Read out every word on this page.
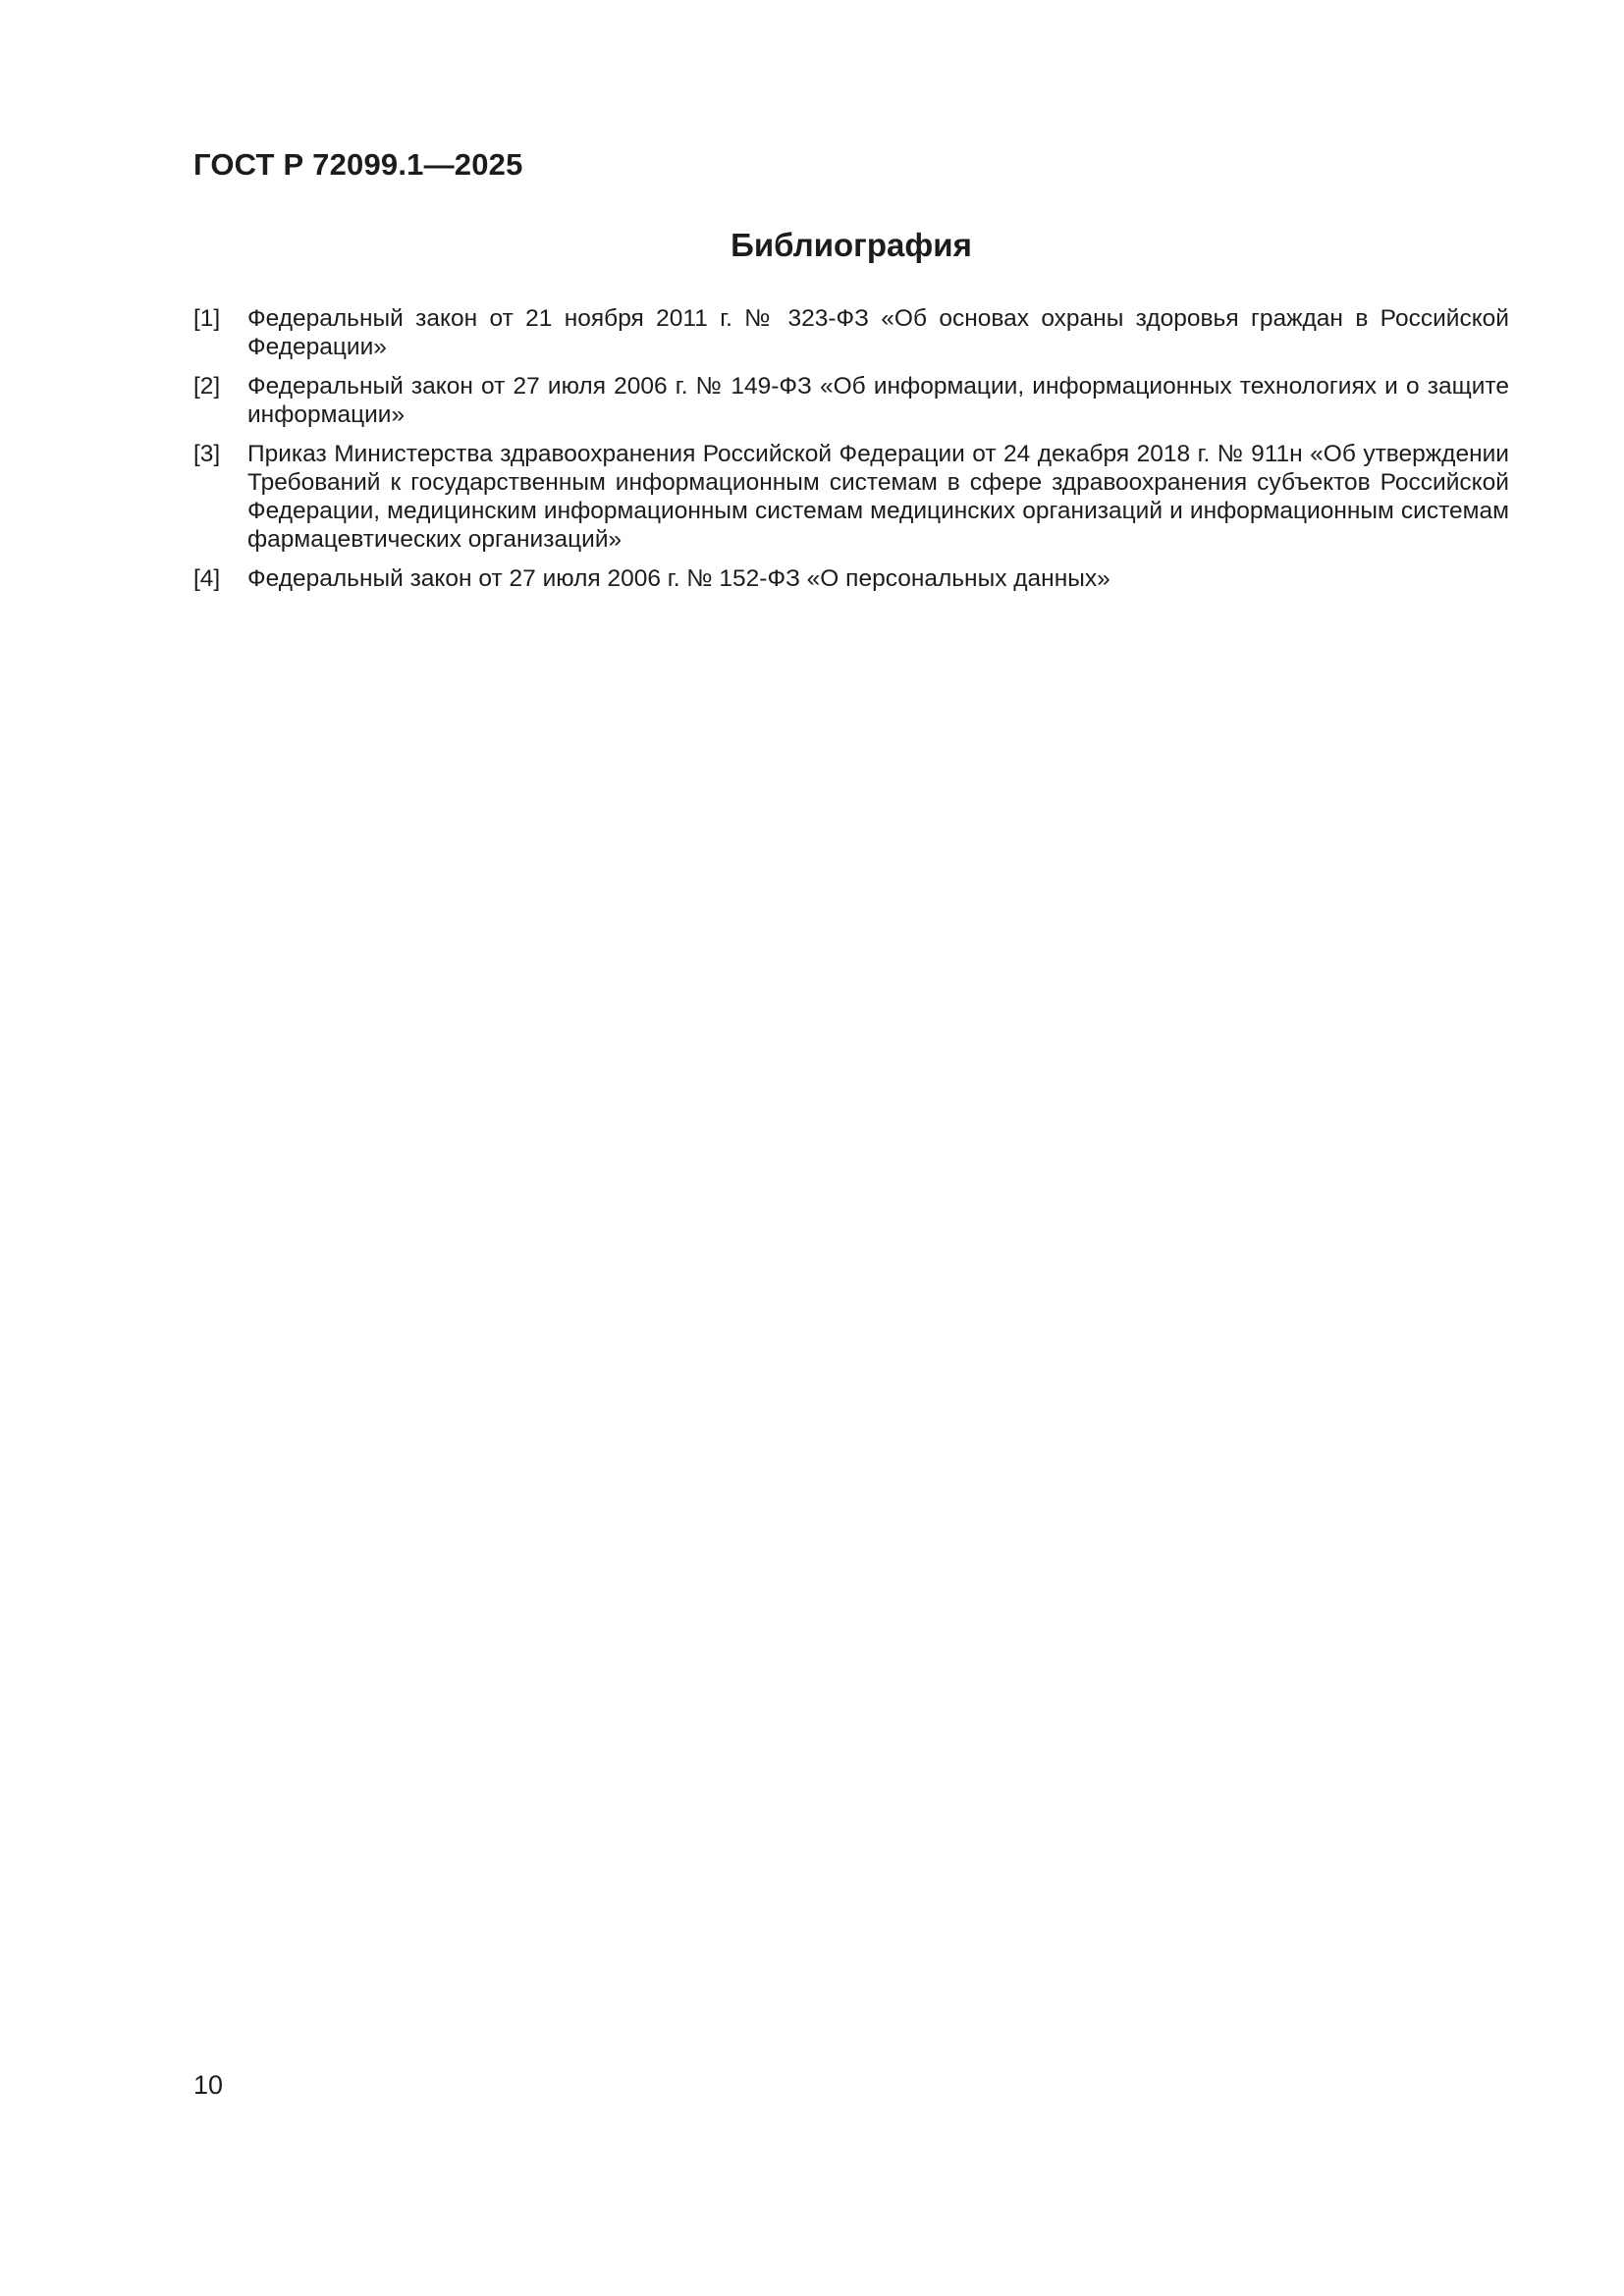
ГОСТ Р 72099.1—2025
Библиография
[1]	Федеральный закон от 21 ноября 2011 г. № 323-ФЗ «Об основах охраны здоровья граждан в Российской Федерации»
[2]	Федеральный закон от 27 июля 2006 г. № 149-ФЗ «Об информации, информационных технологиях и о защите информации»
[3]	Приказ Министерства здравоохранения Российской Федерации от 24 декабря 2018 г. № 911н «Об утверждении Требований к государственным информационным системам в сфере здравоохранения субъектов Российской Федерации, медицинским информационным системам медицинских организаций и информационным системам фармацевтических организаций»
[4]	Федеральный закон от 27 июля 2006 г. № 152-ФЗ «О персональных данных»
10
